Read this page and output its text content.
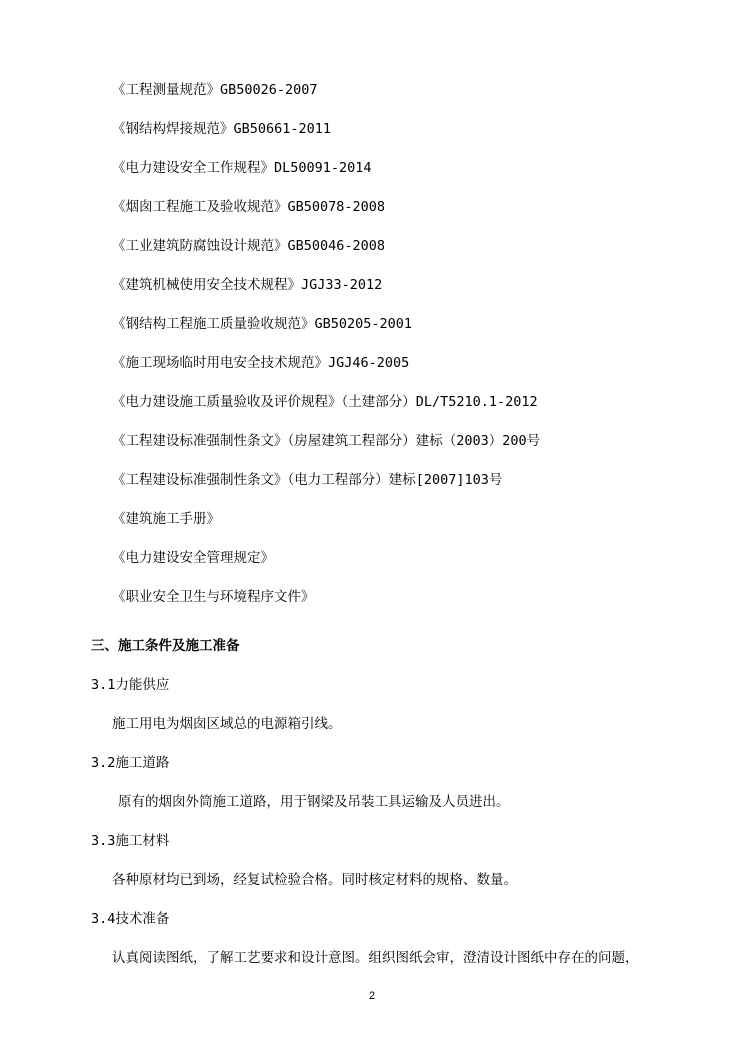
《工程测量规范》GB50026-2007
《钢结构焊接规范》GB50661-2011
《电力建设安全工作规程》DL50091-2014
《烟囱工程施工及验收规范》GB50078-2008
《工业建筑防腐蚀设计规范》GB50046-2008
《建筑机械使用安全技术规程》JGJ33-2012
《钢结构工程施工质量验收规范》GB50205-2001
《施工现场临时用电安全技术规范》JGJ46-2005
《电力建设施工质量验收及评价规程》（土建部分）DL/T5210.1-2012
《工程建设标准强制性条文》（房屋建筑工程部分）建标（2003）200号
《工程建设标准强制性条文》（电力工程部分）建标[2007]103号
《建筑施工手册》
《电力建设安全管理规定》
《职业安全卫生与环境程序文件》
三、施工条件及施工准备
3.1力能供应
施工用电为烟囱区域总的电源箱引线。
3.2施工道路
原有的烟囱外筒施工道路，用于钢梁及吊装工具运输及人员进出。
3.3施工材料
各种原材均已到场，经复试检验合格。同时核定材料的规格、数量。
3.4技术准备
认真阅读图纸，了解工艺要求和设计意图。组织图纸会审，澄清设计图纸中存在的问题，
2
